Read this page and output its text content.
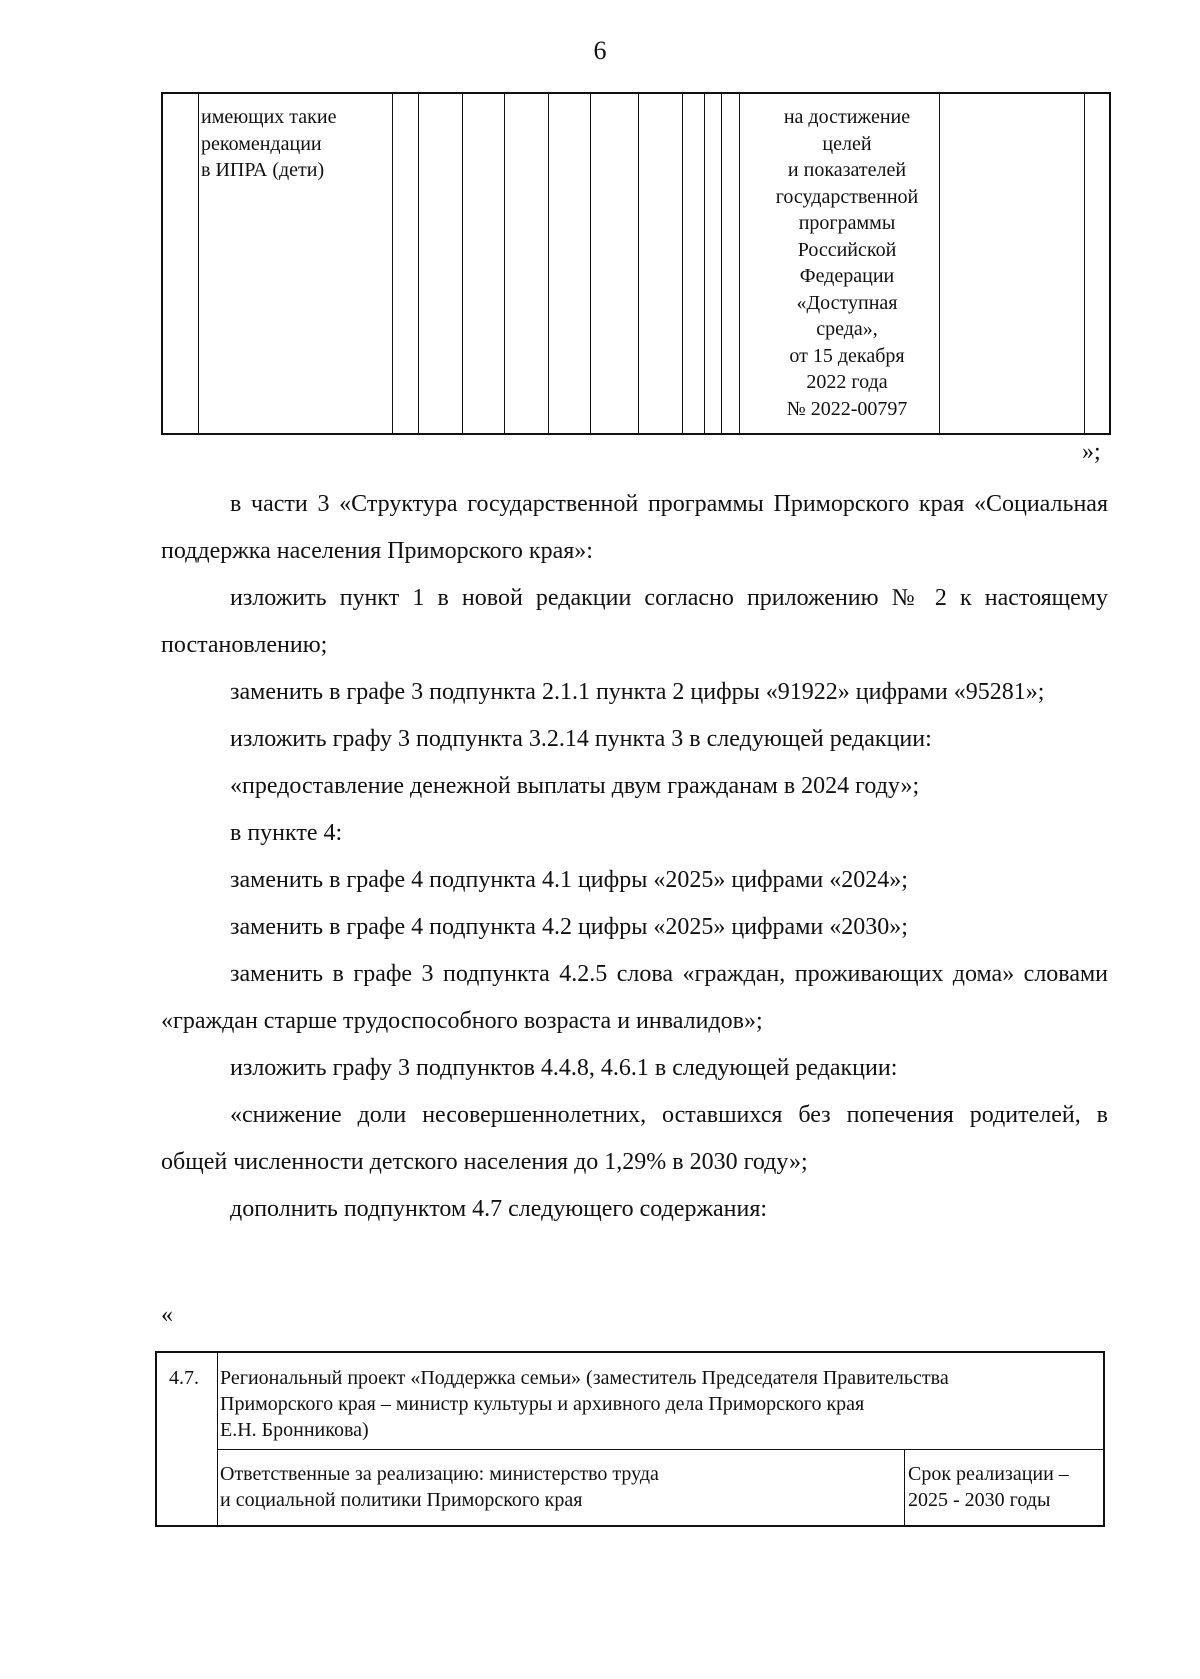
6
имеющих такие
рекомендации
в ИПРА (дети)
на достижение
целей
и показателей
государственной
программы
Российской
Федерации
«Доступная
среда»,
от 15 декабря
2022 года
№ 2022-00797
»;

в части 3 «Структура государственной программы Приморского края «Социальная поддержка населения Приморского края»:

изложить пункт 1 в новой редакции согласно приложению № 2 к настоящему постановлению;

заменить в графе 3 подпункта 2.1.1 пункта 2 цифры «91922» цифрами «95281»;

изложить графу 3 подпункта 3.2.14 пункта 3 в следующей редакции:

«предоставление денежной выплаты двум гражданам в 2024 году»;

в пункте 4:

заменить в графе 4 подпункта 4.1 цифры «2025» цифрами «2024»;

заменить в графе 4 подпункта 4.2 цифры «2025» цифрами «2030»;

заменить в графе 3 подпункта 4.2.5 слова «граждан, проживающих дома» словами «граждан старше трудоспособного возраста и инвалидов»;

изложить графу 3 подпунктов 4.4.8, 4.6.1 в следующей редакции:

«снижение доли несовершеннолетних, оставшихся без попечения родителей, в общей численности детского населения до 1,29% в 2030 году»;

дополнить подпунктом 4.7 следующего содержания:

«
4.7. Региональный проект «Поддержка семьи» (заместитель Председателя Правительства
Приморского края – министр культуры и архивного дела Приморского края
Е.Н. Бронникова)
Ответственные за реализацию: министерство труда
и социальной политики Приморского края
Срок реализации –
2025 - 2030 годы
